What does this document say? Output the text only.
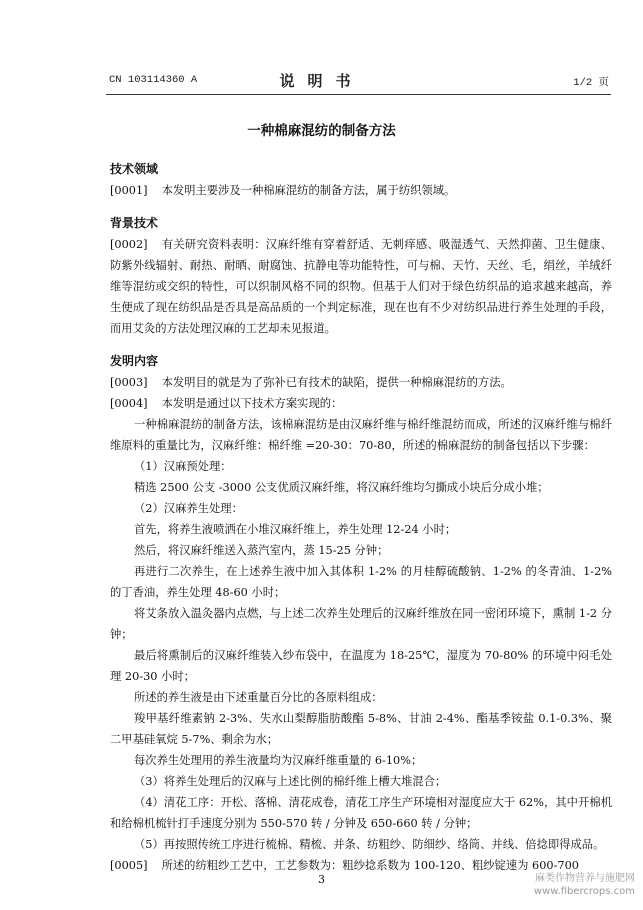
CN 103114360 A	说明书	1/2 页
一种棉麻混纺的制备方法
技术领域
[0001] 本发明主要涉及一种棉麻混纺的制备方法，属于纺织领域。
背景技术
[0002] 有关研究资料表明：汉麻纤维有穿着舒适、无刺痒感、吸湿透气、天然抑菌、卫生健康、防紫外线辐射、耐热、耐晒、耐腐蚀、抗静电等功能特性，可与棉、天竹、天丝、毛，绢丝，羊绒纤维等混纺或交织的特性，可以织制风格不同的织物。但基于人们对于绿色纺织品的追求越来越高，养生便成了现在纺织品是否具是高品质的一个判定标准，现在也有不少对纺织品进行养生处理的手段，而用艾灸的方法处理汉麻的工艺却未见报道。
发明内容
[0003] 本发明目的就是为了弥补已有技术的缺陷，提供一种棉麻混纺的方法。
[0004] 本发明是通过以下技术方案实现的：
一种棉麻混纺的制备方法，该棉麻混纺是由汉麻纤维与棉纤维混纺而成，所述的汉麻纤维与棉纤维原料的重量比为，汉麻纤维：棉纤维 =20-30：70-80，所述的棉麻混纺的制备包括以下步骤：
（1）汉麻预处理：
精选 2500 公支 -3000 公支优质汉麻纤维，将汉麻纤维均匀撕成小块后分成小堆；
（2）汉麻养生处理：
首先，将养生液喷洒在小堆汉麻纤维上，养生处理 12-24 小时；
然后，将汉麻纤维送入蒸汽室内，蒸 15-25 分钟；
再进行二次养生，在上述养生液中加入其体积 1-2% 的月桂醇硫酸钠、1-2% 的冬青油、1-2% 的丁香油，养生处理 48-60 小时；
将艾条放入温灸器内点燃，与上述二次养生处理后的汉麻纤维放在同一密闭环境下，熏制 1-2 分钟；
最后将熏制后的汉麻纤维装入纱布袋中，在温度为 18-25℃，湿度为 70-80% 的环境中闷毛处理 20-30 小时；
所述的养生液是由下述重量百分比的各原料组成：
羧甲基纤维素钠 2-3%、失水山梨醇脂肪酸酯 5-8%、甘油 2-4%、酯基季铵盐 0.1-0.3%、聚二甲基硅氧烷 5-7%、剩余为水；
每次养生处理用的养生液量均为汉麻纤维重量的 6-10%；
（3）将养生处理后的汉麻与上述比例的棉纤维上槽大堆混合；
（4）清花工序：开松、落棉、清花成卷，清花工序生产环境相对湿度应大于 62%，其中开棉机和给棉机梳针打手速度分别为 550-570 转 / 分钟及 650-660 转 / 分钟；
（5）再按照传统工序进行梳棉、精梳、并条、纺粗纱、防细纱、络筒、并线、倍捻即得成品。
[0005] 所述的纺粗纱工艺中，工艺参数为：粗纱捻系数为 100-120、粗纱锭速为 600-700
3	麻类作物营养与施肥网
www.fibercrops.com
